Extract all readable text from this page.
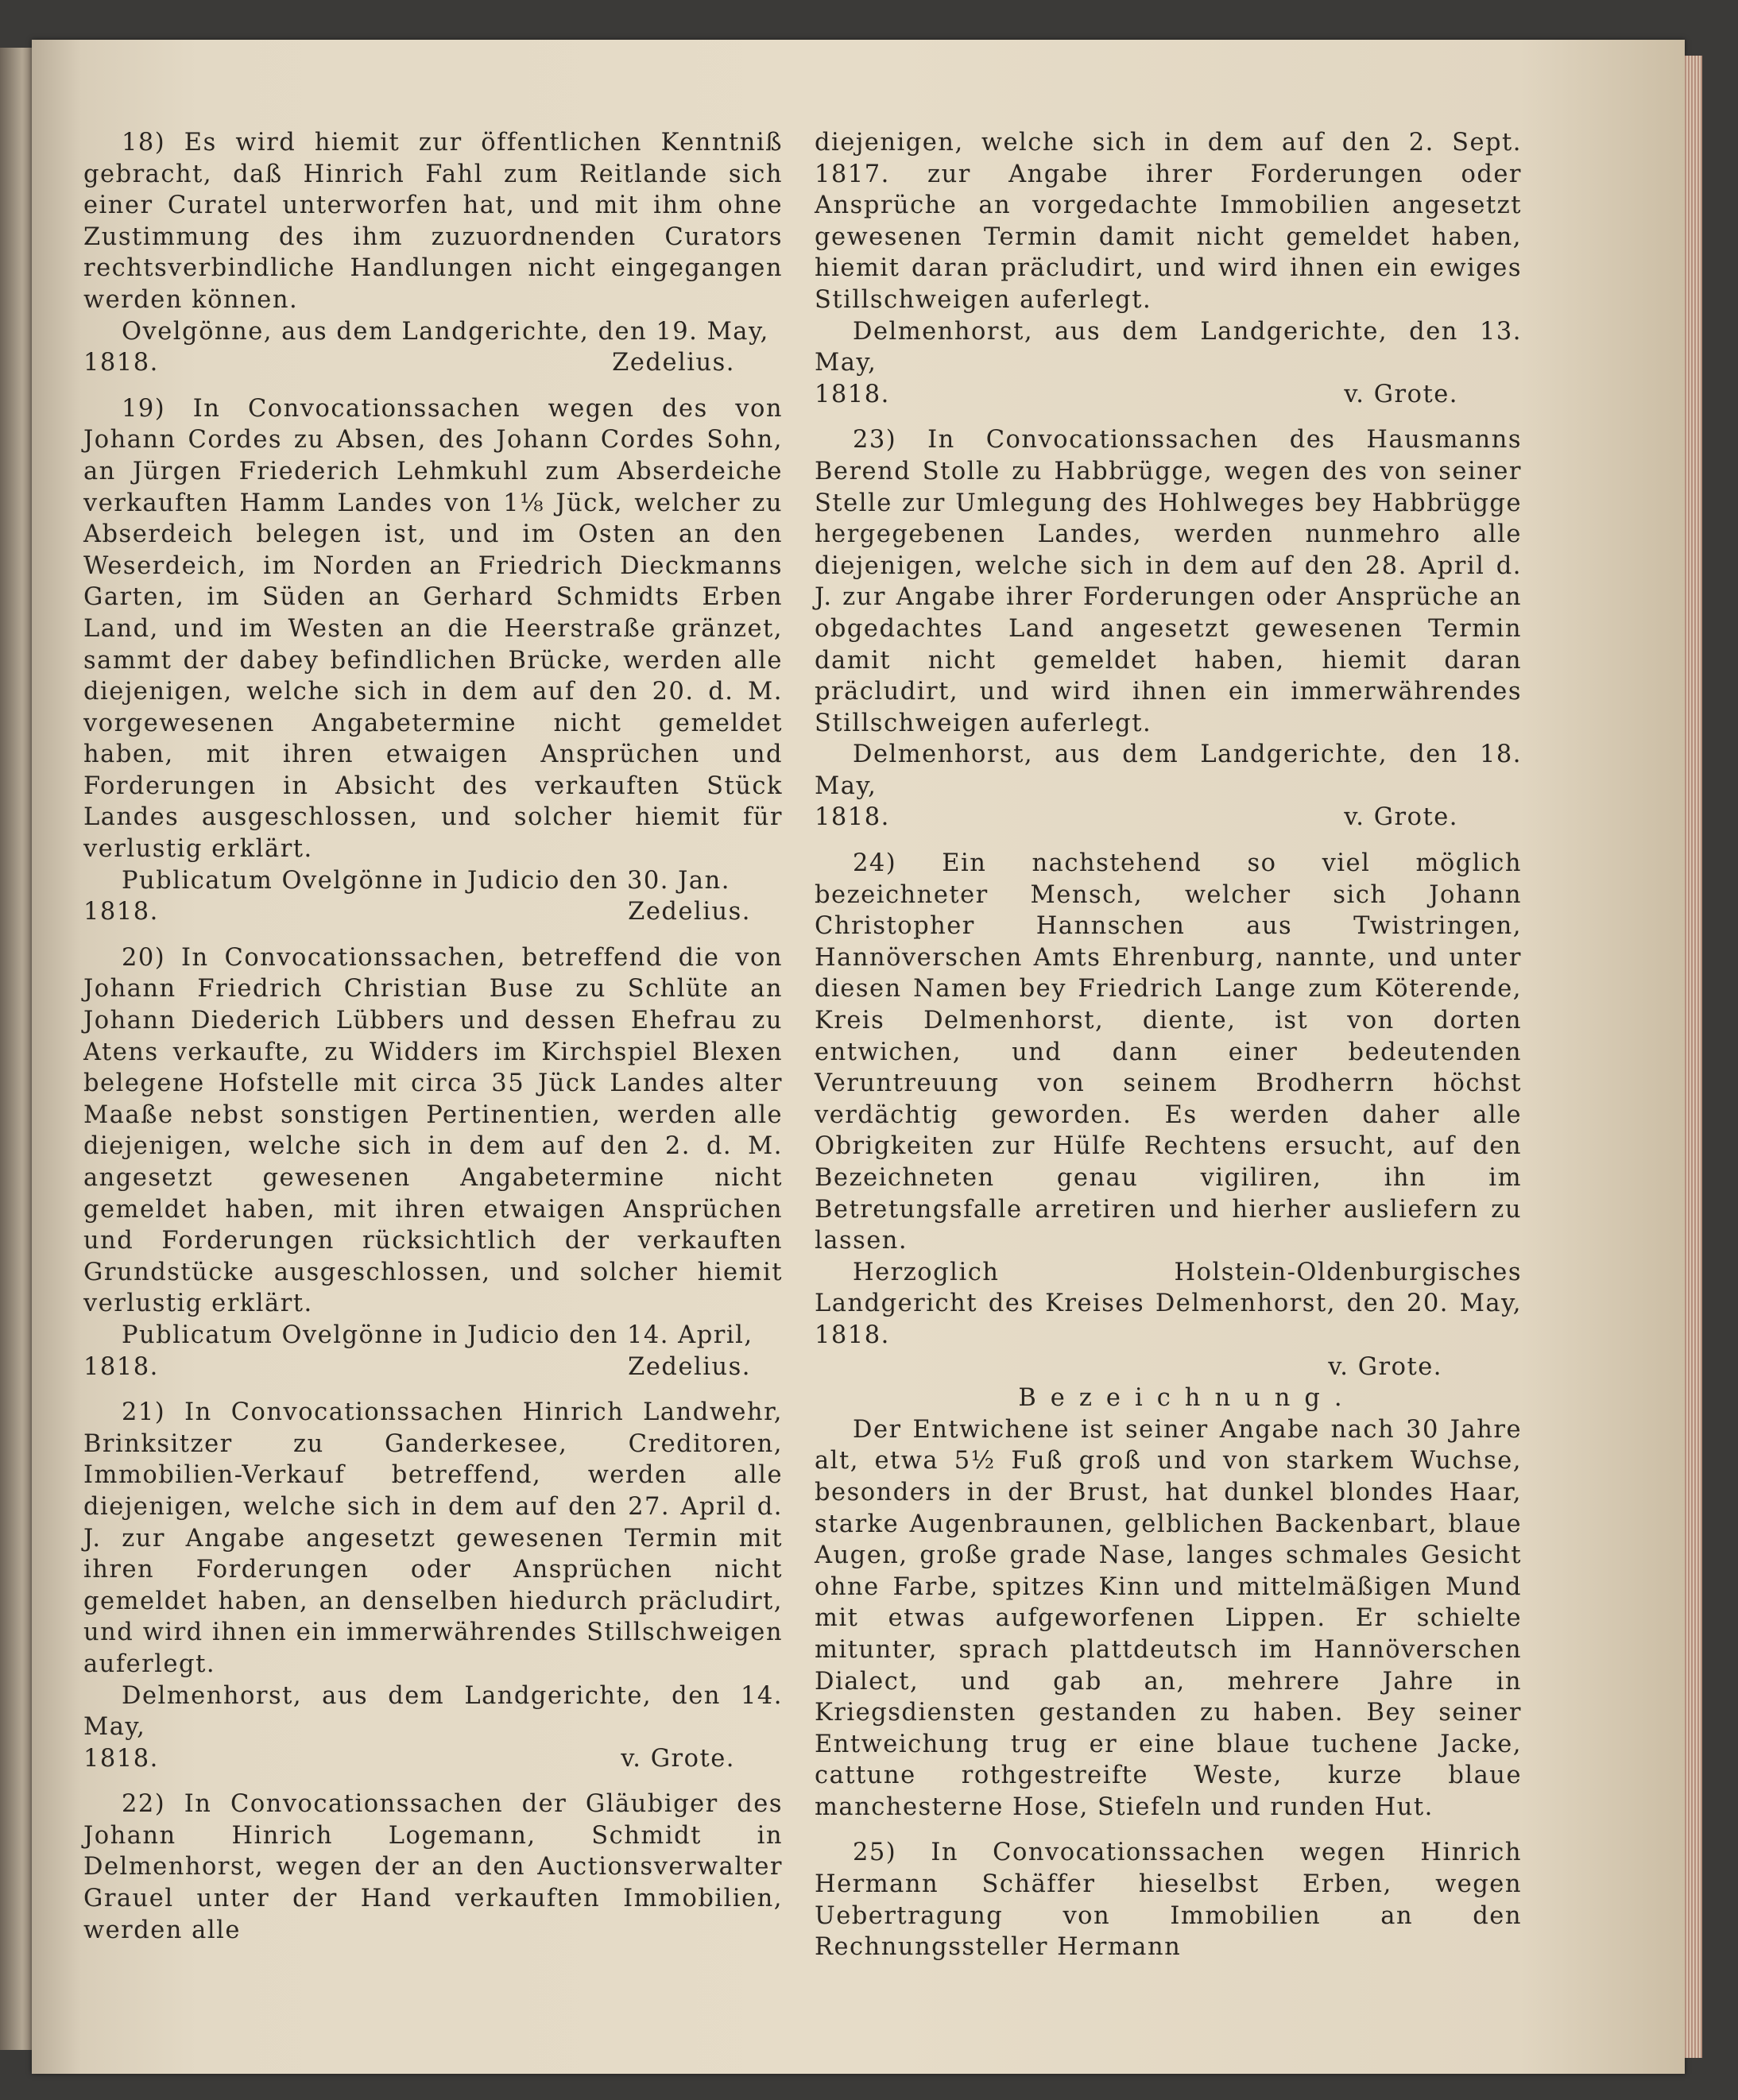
18) Es wird hiemit zur öffentlichen Kenntniß gebracht, daß Hinrich Fahl zum Reitlande sich einer Curatel unterworfen hat, und mit ihm ohne Zustimmung des ihm zuzuordnenden Curators rechtsverbindliche Handlungen nicht eingegangen werden können.

Ovelgönne, aus dem Landgerichte, den 19. May,

1818.	Zedelius.

19) In Convocationssachen wegen des von Johann Cordes zu Absen, des Johann Cordes Sohn, an Jürgen Friederich Lehmkuhl zum Abserdeiche verkauften Hamm Landes von 1⅛ Jück, welcher zu Abserdeich belegen ist, und im Osten an den Weserdeich, im Norden an Friedrich Dieckmanns Garten, im Süden an Gerhard Schmidts Erben Land, und im Westen an die Heerstraße gränzet, sammt der dabey befindlichen Brücke, werden alle diejenigen, welche sich in dem auf den 20. d. M. vorgewesenen Angabetermine nicht gemeldet haben, mit ihren etwaigen Ansprüchen und Forderungen in Absicht des verkauften Stück Landes ausgeschlossen, und solcher hiemit für verlustig erklärt.

Publicatum Ovelgönne in Judicio den 30. Jan.

1818.	Zedelius.

20) In Convocationssachen, betreffend die von Johann Friedrich Christian Buse zu Schlüte an Johann Diederich Lübbers und dessen Ehefrau zu Atens verkaufte, zu Widders im Kirchspiel Blexen belegene Hofstelle mit circa 35 Jück Landes alter Maaße nebst sonstigen Pertinentien, werden alle diejenigen, welche sich in dem auf den 2. d. M. angesetzt gewesenen Angabetermine nicht gemeldet haben, mit ihren etwaigen Ansprüchen und Forderungen rücksichtlich der verkauften Grundstücke ausgeschlossen, und solcher hiemit verlustig erklärt.

Publicatum Ovelgönne in Judicio den 14. April,

1818.	Zedelius.

21) In Convocationssachen Hinrich Landwehr, Brinksitzer zu Ganderkesee, Creditoren, Immobilien-Verkauf betreffend, werden alle diejenigen, welche sich in dem auf den 27. April d. J. zur Angabe angesetzt gewesenen Termin mit ihren Forderungen oder Ansprüchen nicht gemeldet haben, an denselben hiedurch präcludirt, und wird ihnen ein immerwährendes Stillschweigen auferlegt.

Delmenhorst, aus dem Landgerichte, den 14. May,

1818.	v. Grote.

22) In Convocationssachen der Gläubiger des Johann Hinrich Logemann, Schmidt in Delmenhorst, wegen der an den Auctionsverwalter Grauel unter der Hand verkauften Immobilien, werden alle

diejenigen, welche sich in dem auf den 2. Sept. 1817. zur Angabe ihrer Forderungen oder Ansprüche an vorgedachte Immobilien angesetzt gewesenen Termin damit nicht gemeldet haben, hiemit daran präcludirt, und wird ihnen ein ewiges Stillschweigen auferlegt.

Delmenhorst, aus dem Landgerichte, den 13. May,

1818.	v. Grote.

23) In Convocationssachen des Hausmanns Berend Stolle zu Habbrügge, wegen des von seiner Stelle zur Umlegung des Hohlweges bey Habbrügge hergegebenen Landes, werden nunmehro alle diejenigen, welche sich in dem auf den 28. April d. J. zur Angabe ihrer Forderungen oder Ansprüche an obgedachtes Land angesetzt gewesenen Termin damit nicht gemeldet haben, hiemit daran präcludirt, und wird ihnen ein immerwährendes Stillschweigen auferlegt.

Delmenhorst, aus dem Landgerichte, den 18. May,

1818.	v. Grote.

24) Ein nachstehend so viel möglich bezeichneter Mensch, welcher sich Johann Christopher Hannschen aus Twistringen, Hannöverschen Amts Ehrenburg, nannte, und unter diesen Namen bey Friedrich Lange zum Köterende, Kreis Delmenhorst, diente, ist von dorten entwichen, und dann einer bedeutenden Veruntreuung von seinem Brodherrn höchst verdächtig geworden. Es werden daher alle Obrigkeiten zur Hülfe Rechtens ersucht, auf den Bezeichneten genau vigiliren, ihn im Betretungsfalle arretiren und hierher ausliefern zu lassen.

Herzoglich Holstein-Oldenburgisches Landgericht des Kreises Delmenhorst, den 20. May, 1818.

v. Grote.

Bezeichnung.

Der Entwichene ist seiner Angabe nach 30 Jahre alt, etwa 5½ Fuß groß und von starkem Wuchse, besonders in der Brust, hat dunkel blondes Haar, starke Augenbraunen, gelblichen Backenbart, blaue Augen, große grade Nase, langes schmales Gesicht ohne Farbe, spitzes Kinn und mittelmäßigen Mund mit etwas aufgeworfenen Lippen. Er schielte mitunter, sprach plattdeutsch im Hannöverschen Dialect, und gab an, mehrere Jahre in Kriegsdiensten gestanden zu haben. Bey seiner Entweichung trug er eine blaue tuchene Jacke, cattune rothgestreifte Weste, kurze blaue manchesterne Hose, Stiefeln und runden Hut.

25) In Convocationssachen wegen Hinrich Hermann Schäffer hieselbst Erben, wegen Uebertragung von Immobilien an den Rechnungssteller Hermann
